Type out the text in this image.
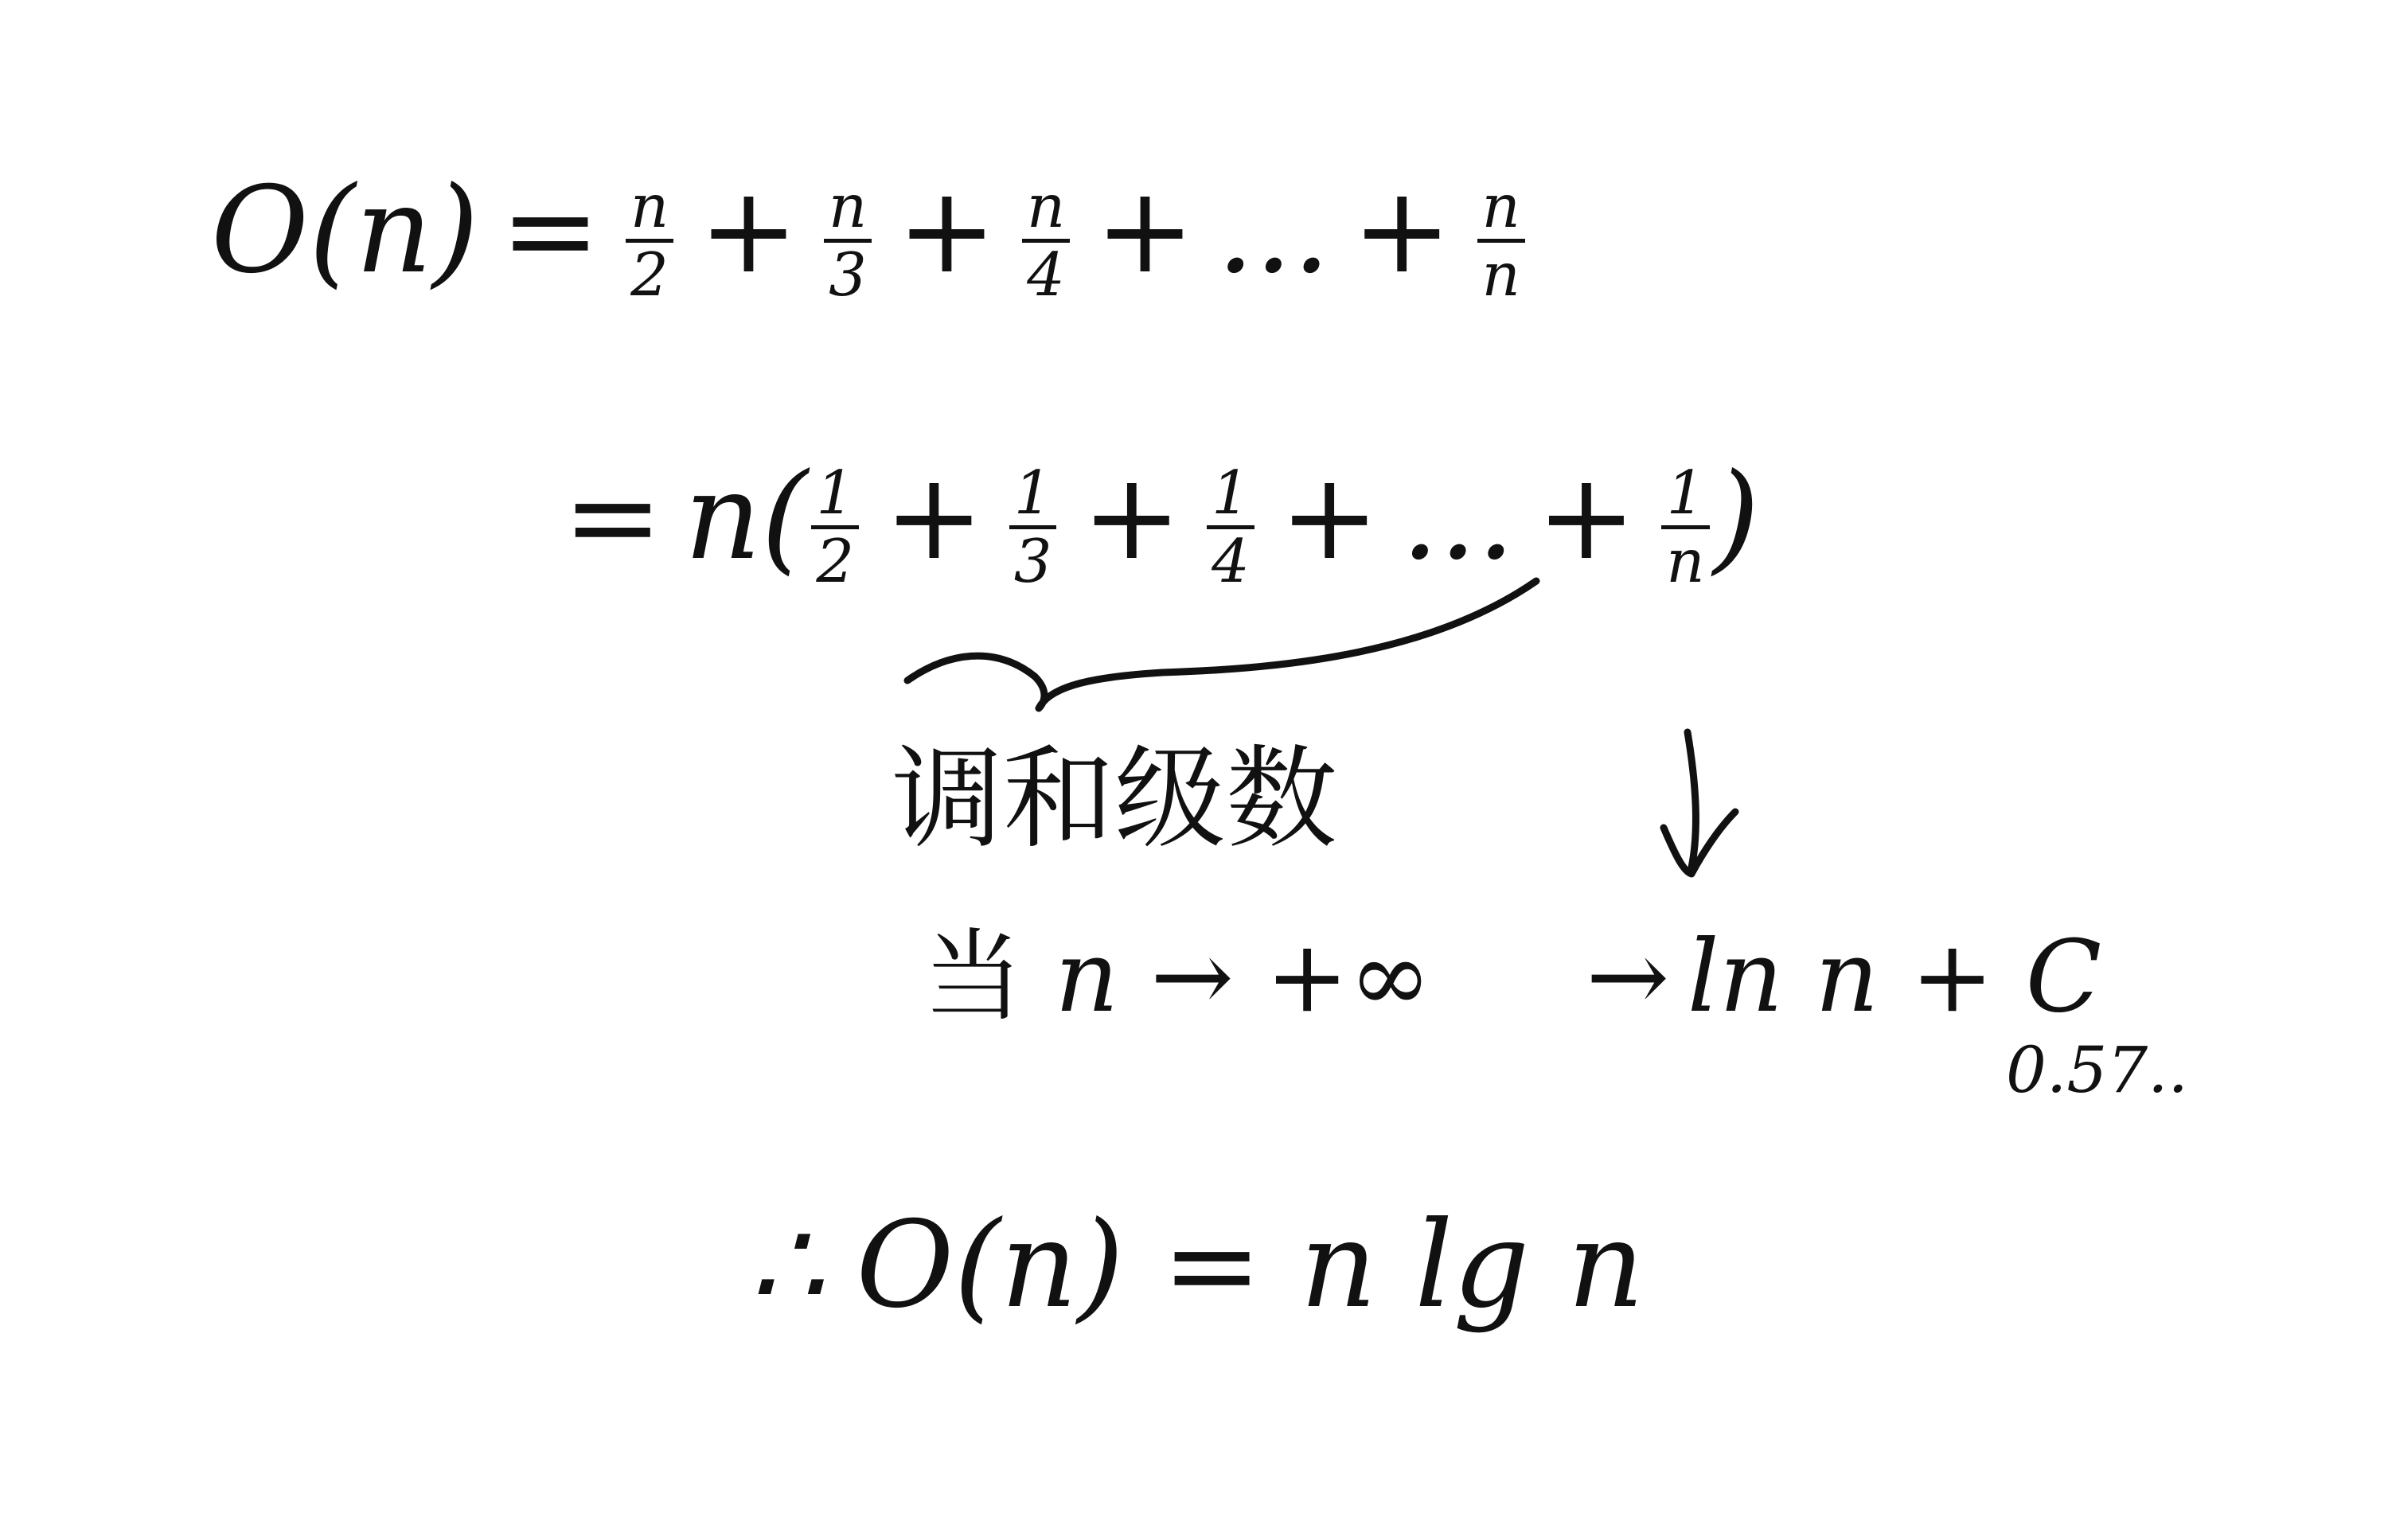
O(n) = n
2 + n
3 + n
4 + ... + n
n
= n( 1
2 + 1
3 + 1
4 + ... + 1
n )
调和级数
当 n → +∞ → ln n + C
0.57..
∴ O(n) = n lg n
